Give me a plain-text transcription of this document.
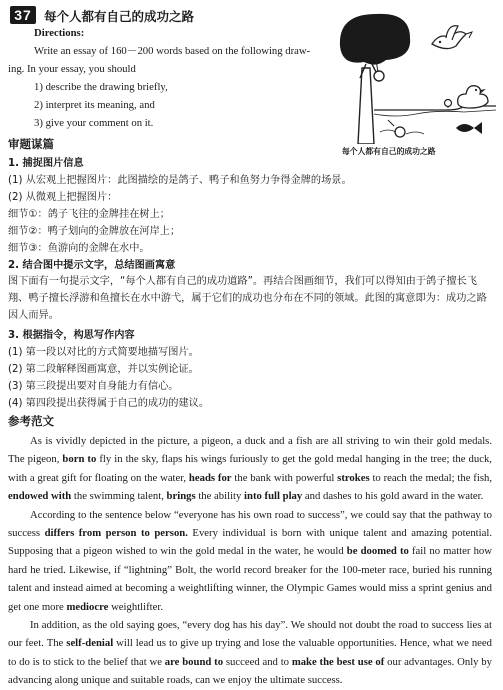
37 每个人都有自己的成功之路
Directions:
Write an essay of 160－200 words based on the following draw-
ing. In your essay, you should
1) describe the drawing briefly,
2) interpret its meaning, and
3) give your comment on it.
每个人都有自己的成功之路
审题谋篇
1. 捕捉图片信息
(1) 从宏观上把握图片：此图描绘的是鸽子、鸭子和鱼努力争得金牌的场景。
(2) 从微观上把握图片：
细节①：鸽子飞往的金牌挂在树上；
细节②：鸭子划向的金牌放在河岸上；
细节③：鱼游向的金牌在水中。
2. 结合图中提示文字，总结图画寓意
图下面有一句提示文字，“每个人都有自己的成功道路”。再结合图画细节，我们可以得知由于鸽子擅长飞翔、鸭子擅长浮游和鱼擅长在水中游弋，属于它们的成功也分布在不同的领域。此图的寓意即为：成功之路因人而异。
3. 根据指令，构思写作内容
(1) 第一段以对比的方式简要地描写图片。
(2) 第二段解释图画寓意，并以实例论证。
(3) 第三段提出要对自身能力有信心。
(4) 第四段提出获得属于自己的成功的建议。
参考范文

As is vividly depicted in the picture, a pigeon, a duck and a fish are all striving to win their gold medals. The pigeon, born to fly in the sky, flaps his wings furiously to get the gold medal hanging in the tree; the duck, with a great gift for floating on the water, heads for the bank with powerful strokes to reach the medal; the fish, endowed with the swimming talent, brings the ability into full play and dashes to his gold award in the water.

According to the sentence below “everyone has his own road to success”, we could say that the pathway to success differs from person to person. Every individual is born with unique talent and amazing potential. Supposing that a pigeon wished to win the gold medal in the water, he would be doomed to fail no matter how hard he tried. Likewise, if “lightning” Bolt, the world record breaker for the 100-meter race, buried his running talent and instead aimed at becoming a weightlifting winner, the Olympic Games would miss a sprint genius and get one more mediocre weightlifter.

In addition, as the old saying goes, “every dog has his day”. We should not doubt the road to success lies at our feet. The self-denial will lead us to give up trying and lose the valuable opportunities. Hence, what we need to do is to stick to the belief that we are bound to succeed and to make the best use of our advantages. Only by advancing along unique and suitable roads, can we enjoy the ultimate success.
